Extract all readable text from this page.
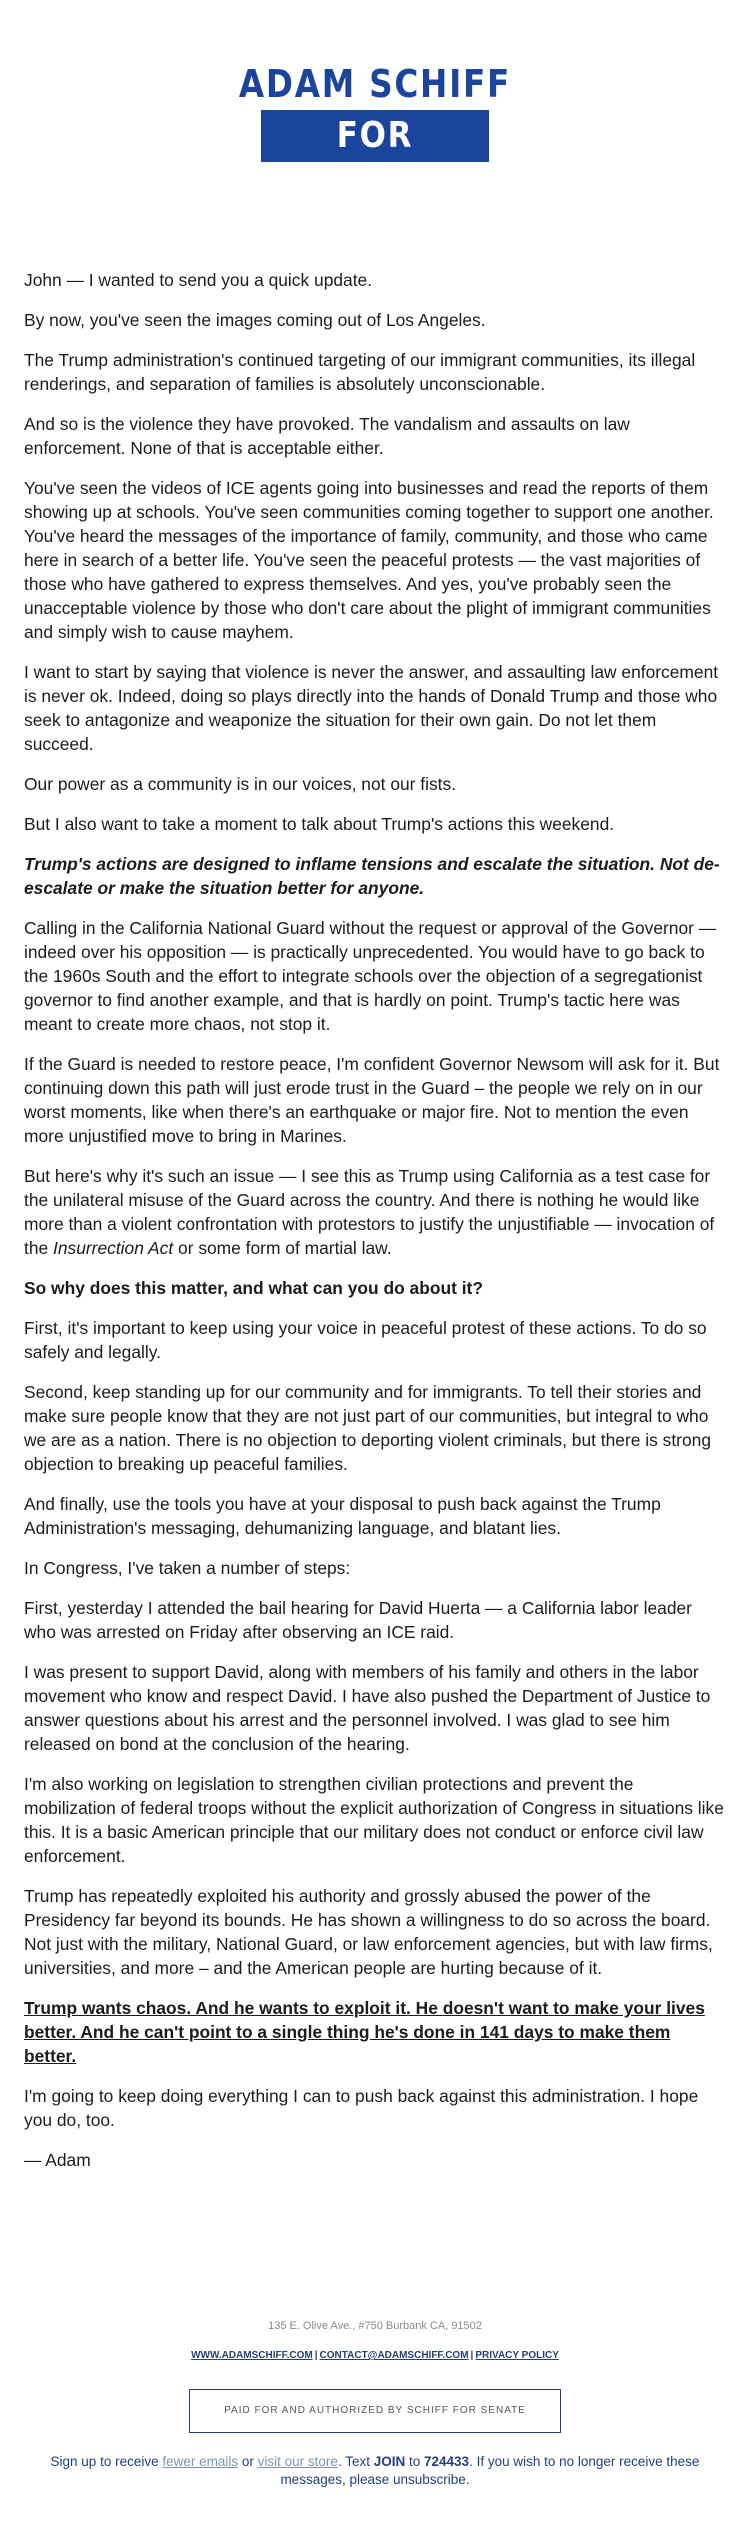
ADAM SCHIFF
FOR SENATE

John — I wanted to send you a quick update.

By now, you've seen the images coming out of Los Angeles.

The Trump administration's continued targeting of our immigrant communities, its illegal renderings, and separation of families is absolutely unconscionable.

And so is the violence they have provoked. The vandalism and assaults on law enforcement. None of that is acceptable either.

You've seen the videos of ICE agents going into businesses and read the reports of them showing up at schools. You've seen communities coming together to support one another. You've heard the messages of the importance of family, community, and those who came here in search of a better life. You've seen the peaceful protests — the vast majorities of those who have gathered to express themselves. And yes, you've probably seen the unacceptable violence by those who don't care about the plight of immigrant communities and simply wish to cause mayhem.

I want to start by saying that violence is never the answer, and assaulting law enforcement is never ok. Indeed, doing so plays directly into the hands of Donald Trump and those who seek to antagonize and weaponize the situation for their own gain. Do not let them succeed.

Our power as a community is in our voices, not our fists.

But I also want to take a moment to talk about Trump's actions this weekend.

Trump's actions are designed to inflame tensions and escalate the situation. Not de-escalate or make the situation better for anyone.

Calling in the California National Guard without the request or approval of the Governor — indeed over his opposition — is practically unprecedented. You would have to go back to the 1960s South and the effort to integrate schools over the objection of a segregationist governor to find another example, and that is hardly on point. Trump's tactic here was meant to create more chaos, not stop it.

If the Guard is needed to restore peace, I'm confident Governor Newsom will ask for it. But continuing down this path will just erode trust in the Guard – the people we rely on in our worst moments, like when there's an earthquake or major fire. Not to mention the even more unjustified move to bring in Marines.

But here's why it's such an issue — I see this as Trump using California as a test case for the unilateral misuse of the Guard across the country. And there is nothing he would like more than a violent confrontation with protestors to justify the unjustifiable — invocation of the Insurrection Act or some form of martial law.

So why does this matter, and what can you do about it?

First, it's important to keep using your voice in peaceful protest of these actions. To do so safely and legally.

Second, keep standing up for our community and for immigrants. To tell their stories and make sure people know that they are not just part of our communities, but integral to who we are as a nation. There is no objection to deporting violent criminals, but there is strong objection to breaking up peaceful families.

And finally, use the tools you have at your disposal to push back against the Trump Administration's messaging, dehumanizing language, and blatant lies.

In Congress, I've taken a number of steps:

First, yesterday I attended the bail hearing for David Huerta — a California labor leader who was arrested on Friday after observing an ICE raid.

I was present to support David, along with members of his family and others in the labor movement who know and respect David. I have also pushed the Department of Justice to answer questions about his arrest and the personnel involved. I was glad to see him released on bond at the conclusion of the hearing.

I'm also working on legislation to strengthen civilian protections and prevent the mobilization of federal troops without the explicit authorization of Congress in situations like this. It is a basic American principle that our military does not conduct or enforce civil law enforcement.

Trump has repeatedly exploited his authority and grossly abused the power of the Presidency far beyond its bounds. He has shown a willingness to do so across the board. Not just with the military, National Guard, or law enforcement agencies, but with law firms, universities, and more – and the American people are hurting because of it.

Trump wants chaos. And he wants to exploit it. He doesn't want to make your lives better. And he can't point to a single thing he's done in 141 days to make them better.

I'm going to keep doing everything I can to push back against this administration. I hope you do, too.

— Adam

135 E. Olive Ave., #750 Burbank CA, 91502
WWW.ADAMSCHIFF.COM | CONTACT@ADAMSCHIFF.COM | PRIVACY POLICY
PAID FOR AND AUTHORIZED BY SCHIFF FOR SENATE
Sign up to receive fewer emails or visit our store. Text JOIN to 724433. If you wish to no longer receive these messages, please unsubscribe.
